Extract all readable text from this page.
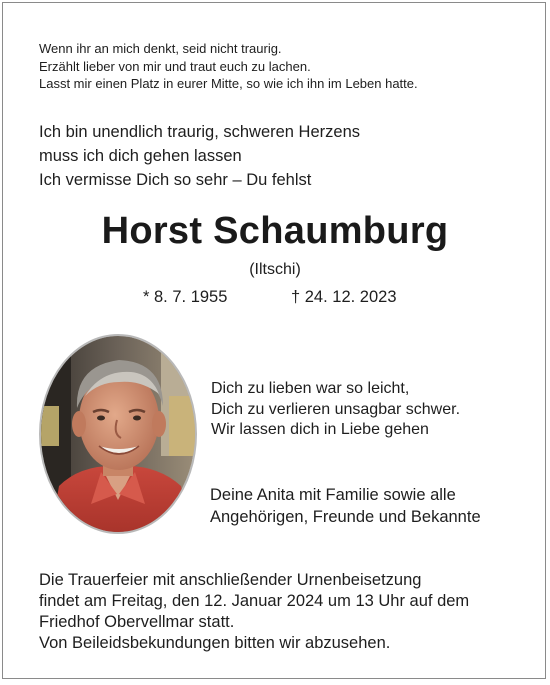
Wenn ihr an mich denkt, seid nicht traurig.
Erzählt lieber von mir und traut euch zu lachen.
Lasst mir einen Platz in eurer Mitte, so wie ich ihn im Leben hatte.
Ich bin unendlich traurig, schweren Herzens
muss ich dich gehen lassen
Ich vermisse Dich so sehr – Du fehlst
Horst Schaumburg
(Iltschi)
* 8. 7. 1955	† 24. 12. 2023
Dich zu lieben war so leicht,
Dich zu verlieren unsagbar schwer.
Wir lassen dich in Liebe gehen
Deine Anita mit Familie sowie alle
Angehörigen, Freunde und Bekannte
Die Trauerfeier mit anschließender Urnenbeisetzung
findet am Freitag, den 12. Januar 2024 um 13 Uhr auf dem
Friedhof Obervellmar statt.
Von Beileidsbekundungen bitten wir abzusehen.
